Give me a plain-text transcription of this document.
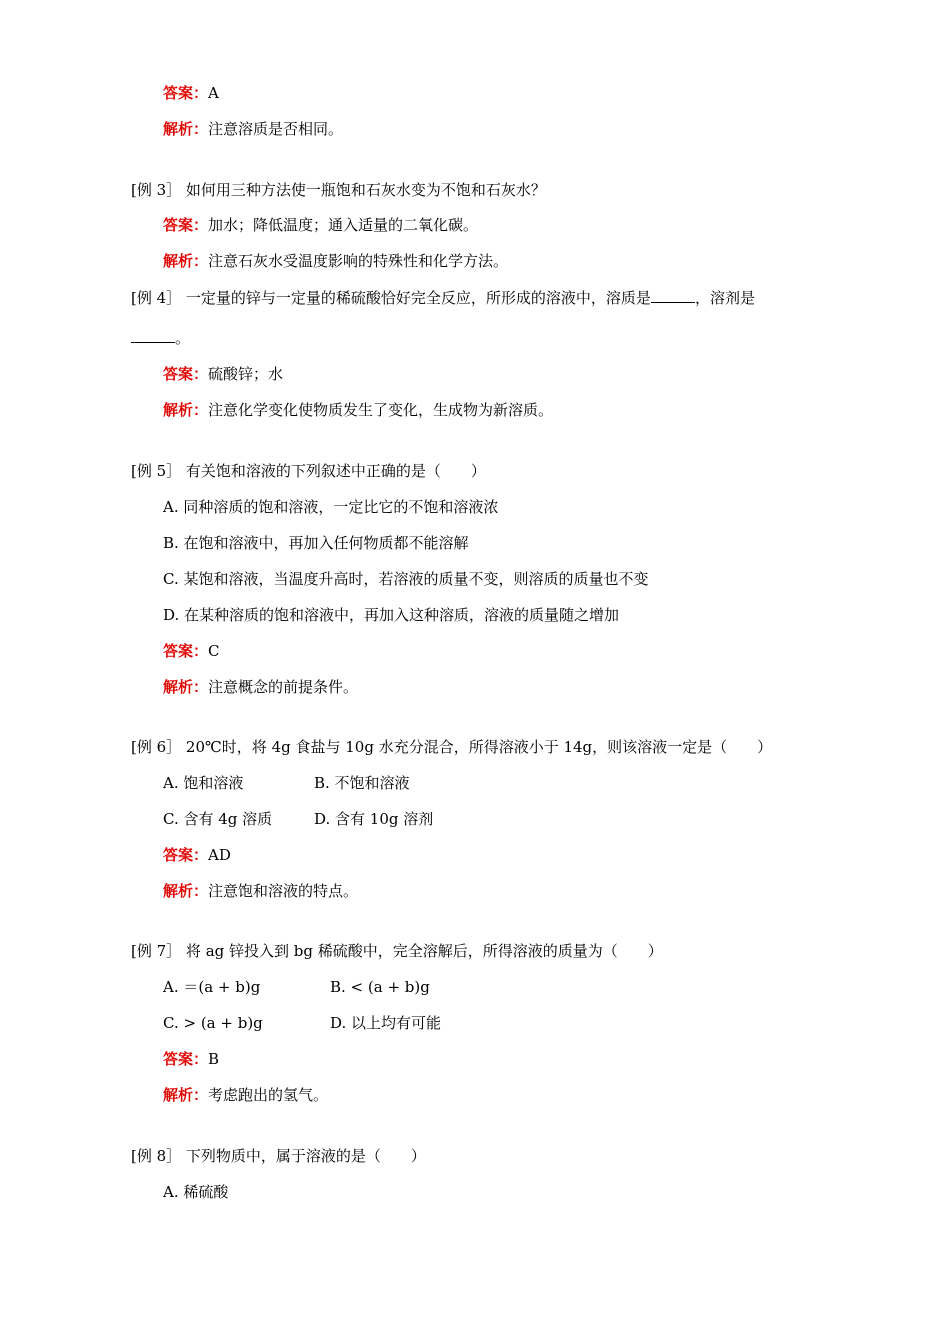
答案：A
解析：注意溶质是否相同。
[例 3］ 如何用三种方法使一瓶饱和石灰水变为不饱和石灰水？
答案：加水；降低温度；通入适量的二氧化碳。
解析：注意石灰水受温度影响的特殊性和化学方法。
[例 4］ 一定量的锌与一定量的稀硫酸恰好完全反应，所形成的溶液中，溶质是	，溶剂是
。
答案：硫酸锌；水
解析：注意化学变化使物质发生了变化，生成物为新溶质。
[例 5］ 有关饱和溶液的下列叙述中正确的是（　　）
A. 同种溶质的饱和溶液，一定比它的不饱和溶液浓
B. 在饱和溶液中，再加入任何物质都不能溶解
C. 某饱和溶液，当温度升高时，若溶液的质量不变，则溶质的质量也不变
D. 在某种溶质的饱和溶液中，再加入这种溶质，溶液的质量随之增加
答案：C
解析：注意概念的前提条件。
[例 6］ 20℃时，将 4g 食盐与 10g 水充分混合，所得溶液小于 14g，则该溶液一定是（　　）
A. 饱和溶液	B. 不饱和溶液
C. 含有 4g 溶质	D. 含有 10g 溶剂
答案：AD
解析：注意饱和溶液的特点。
[例 7］ 将 ag 锌投入到 bg 稀硫酸中，完全溶解后，所得溶液的质量为（　　）
A. ＝(a + b)g	B. < (a + b)g
C. > (a + b)g	D. 以上均有可能
答案：B
解析：考虑跑出的氢气。
[例 8］ 下列物质中，属于溶液的是（　　）
A. 稀硫酸
